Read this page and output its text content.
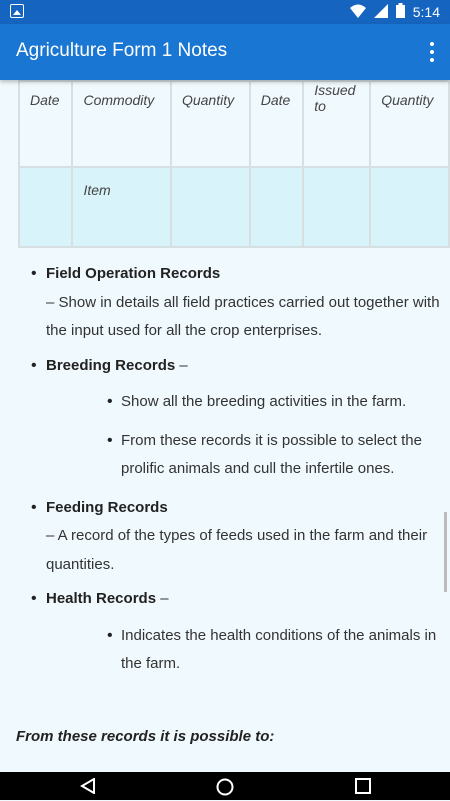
5:14
Agriculture Form 1 Notes
Date	Commodity	Quantity	Date	Issued to	Quantity
	Item				
• Field Operation Records
– Show in details all field practices carried out together with the input used for all the crop enterprises.
• Breeding Records –
• Show all the breeding activities in the farm.
• From these records it is possible to select the prolific animals and cull the infertile ones.
• Feeding Records
– A record of the types of feeds used in the farm and their quantities.
• Health Records –
• Indicates the health conditions of the animals in the farm.
From these records it is possible to:
